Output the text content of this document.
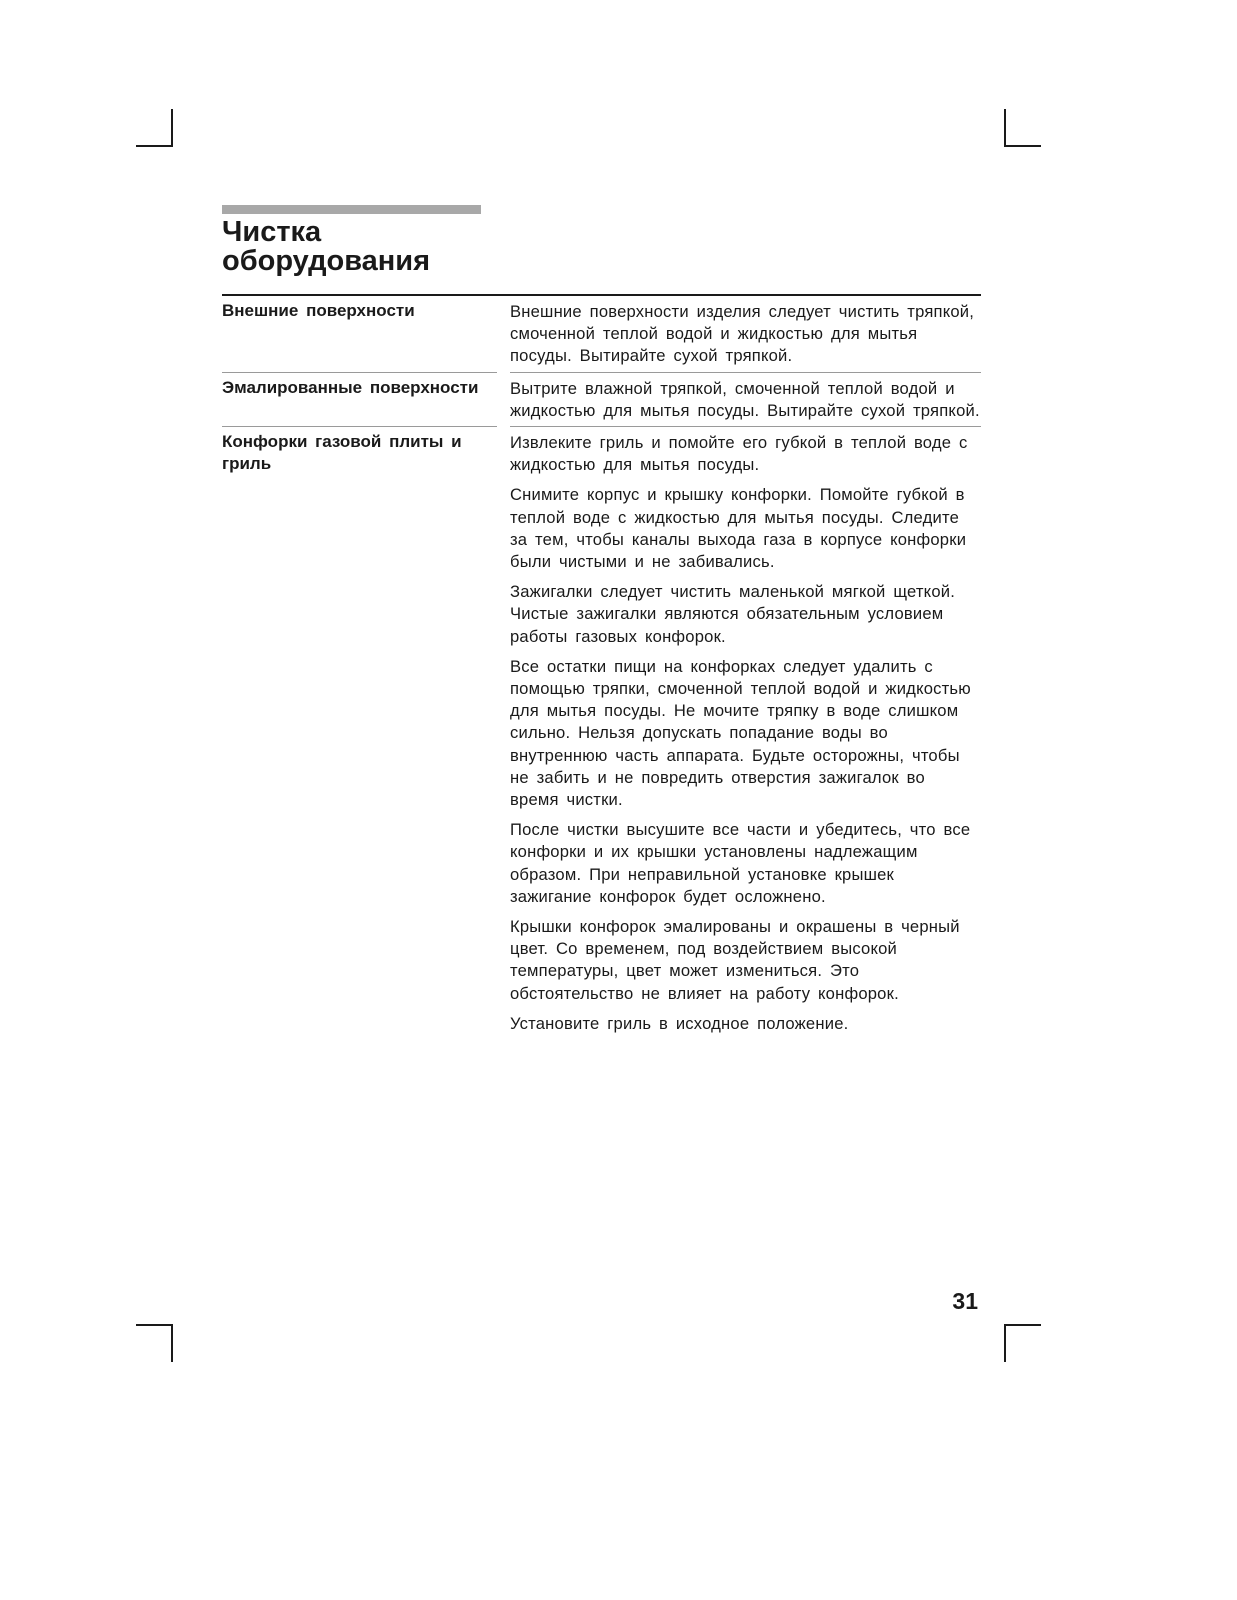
Чистка
оборудования
Внешние поверхности	Внешние поверхности изделия следует чистить тряпкой, смоченной теплой водой и жидкостью для мытья посуды. Вытирайте сухой тряпкой.

Эмалированные поверхности	Вытрите влажной тряпкой, смоченной теплой водой и жидкостью для мытья посуды. Вытирайте сухой тряпкой.

Конфорки газовой плиты и гриль

Извлеките гриль и помойте его губкой в теплой воде с жидкостью для мытья посуды.

Снимите корпус и крышку конфорки. Помойте губкой в теплой воде с жидкостью для мытья посуды. Следите за тем, чтобы каналы выхода газа в корпусе конфорки были чистыми и не забивались.

Зажигалки следует чистить маленькой мягкой щеткой. Чистые зажигалки являются обязательным условием работы газовых конфорок.

Все остатки пищи на конфорках следует удалить с помощью тряпки, смоченной теплой водой и жидкостью для мытья посуды. Не мочите тряпку в воде слишком сильно. Нельзя допускать попадание воды во внутреннюю часть аппарата. Будьте осторожны, чтобы не забить и не повредить отверстия зажигалок во время чистки.

После чистки высушите все части и убедитесь, что все конфорки и их крышки установлены надлежащим образом. При неправильной установке крышек зажигание конфорок будет осложнено.

Крышки конфорок эмалированы и окрашены в черный цвет. Со временем, под воздействием высокой температуры, цвет может измениться. Это обстоятельство не влияет на работу конфорок.

Установите гриль в исходное положение.

31
